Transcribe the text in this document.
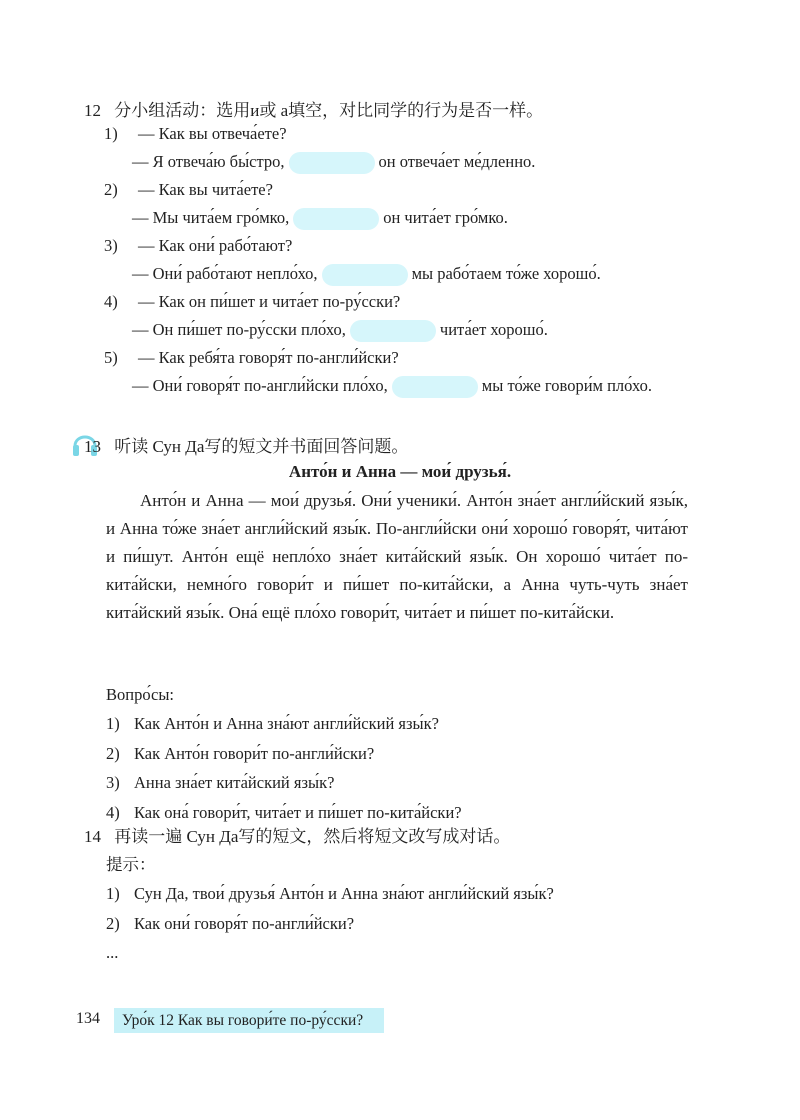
12 分小组活动：选用и或 а填空，对比同学的行为是否一样。
1) — Как вы отвеча́ете?
— Я отвеча́ю бы́стро,	он отвеча́ет ме́дленно.
2) — Как вы чита́ете?
— Мы чита́ем гро́мко,	он чита́ет гро́мко.
3) — Как они́ рабо́тают?
— Они́ рабо́тают непло́хо,	мы рабо́таем то́же хорошо́.
4) — Как он пи́шет и чита́ет по-ру́сски?
— Он пи́шет по-ру́сски пло́хо,	чита́ет хорошо́.
5) — Как ребя́та говоря́т по-англи́йски?
— Они́ говоря́т по-англи́йски пло́хо,	мы то́же говори́м пло́хо.
13 听读 Сун Да写的短文并书面回答问题。
Анто́н и Анна — мои́ друзья́.
Анто́н и Анна — мои́ друзья́. Они́ ученики́. Анто́н зна́ет англи́йский язы́к, и Анна то́же зна́ет англи́йский язы́к. По-англи́йски они́ хорошо́ говоря́т, чита́ют и пи́шут. Анто́н ещё непло́хо зна́ет кита́йский язы́к. Он хорошо́ чита́ет по-кита́йски, немно́го говори́т и пи́шет по-кита́йски, а Анна чуть-чуть зна́ет кита́йский язы́к. Она́ ещё пло́хо говори́т, чита́ет и пи́шет по-кита́йски.
Вопро́сы:
1) Как Анто́н и Анна зна́ют англи́йский язы́к?
2) Как Анто́н говори́т по-англи́йски?
3) Анна зна́ет кита́йский язы́к?
4) Как она́ говори́т, чита́ет и пи́шет по-кита́йски?
14 再读一遍 Сун Да写的短文，然后将短文改写成对话。
提示：
1) Сун Да, твои́ друзья́ Анто́н и Анна зна́ют англи́йский язы́к?
2) Как они́ говоря́т по-англи́йски?
...
134	Уро́к 12 Как вы говори́те по-ру́сски?
